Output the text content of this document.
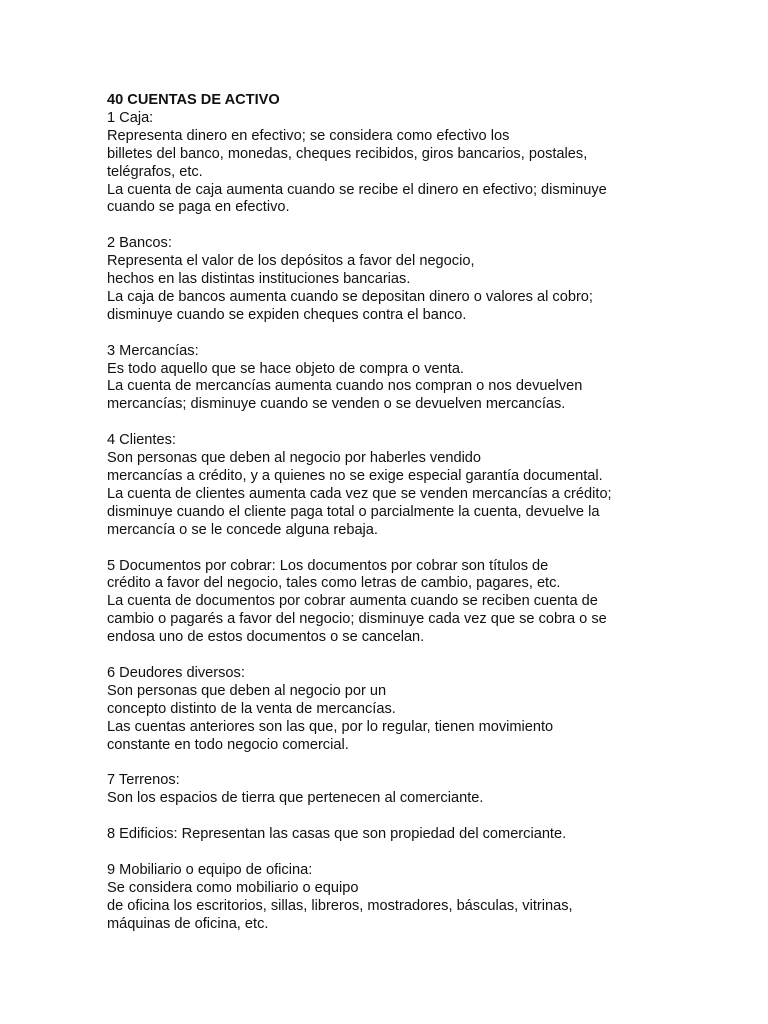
40 CUENTAS DE ACTIVO
1 Caja:
Representa dinero en efectivo; se considera como efectivo los
billetes del banco, monedas, cheques recibidos, giros bancarios, postales,
telégrafos, etc.
La cuenta de caja aumenta cuando se recibe el dinero en efectivo; disminuye
cuando se paga en efectivo.
2 Bancos:
Representa el valor de los depósitos a favor del negocio,
hechos en las distintas instituciones bancarias.
La caja de bancos aumenta cuando se depositan dinero o valores al cobro;
disminuye cuando se expiden cheques contra el banco.
3 Mercancías:
Es todo aquello que se hace objeto de compra o venta.
La cuenta de mercancías aumenta cuando nos compran o nos devuelven
mercancías; disminuye cuando se venden o se devuelven mercancías.
4 Clientes:
Son personas que deben al negocio por haberles vendido
mercancías a crédito, y a quienes no se exige especial garantía documental.
La cuenta de clientes aumenta cada vez que se venden mercancías a crédito;
disminuye cuando el cliente paga total o parcialmente la cuenta, devuelve la
mercancía o se le concede alguna rebaja.
5 Documentos por cobrar: Los documentos por cobrar son títulos de
crédito a favor del negocio, tales como letras de cambio, pagares, etc.
La cuenta de documentos por cobrar aumenta cuando se reciben cuenta de
cambio o pagarés a favor del negocio; disminuye cada vez que se cobra o se
endosa uno de estos documentos o se cancelan.
6 Deudores diversos:
Son personas que deben al negocio por un
concepto distinto de la venta de mercancías.
Las cuentas anteriores son las que, por lo regular, tienen movimiento
constante en todo negocio comercial.
7 Terrenos:
Son los espacios de tierra que pertenecen al comerciante.
8 Edificios: Representan las casas que son propiedad del comerciante.
9 Mobiliario o equipo de oficina:
Se considera como mobiliario o equipo
de oficina los escritorios, sillas, libreros, mostradores, básculas, vitrinas,
máquinas de oficina, etc.
